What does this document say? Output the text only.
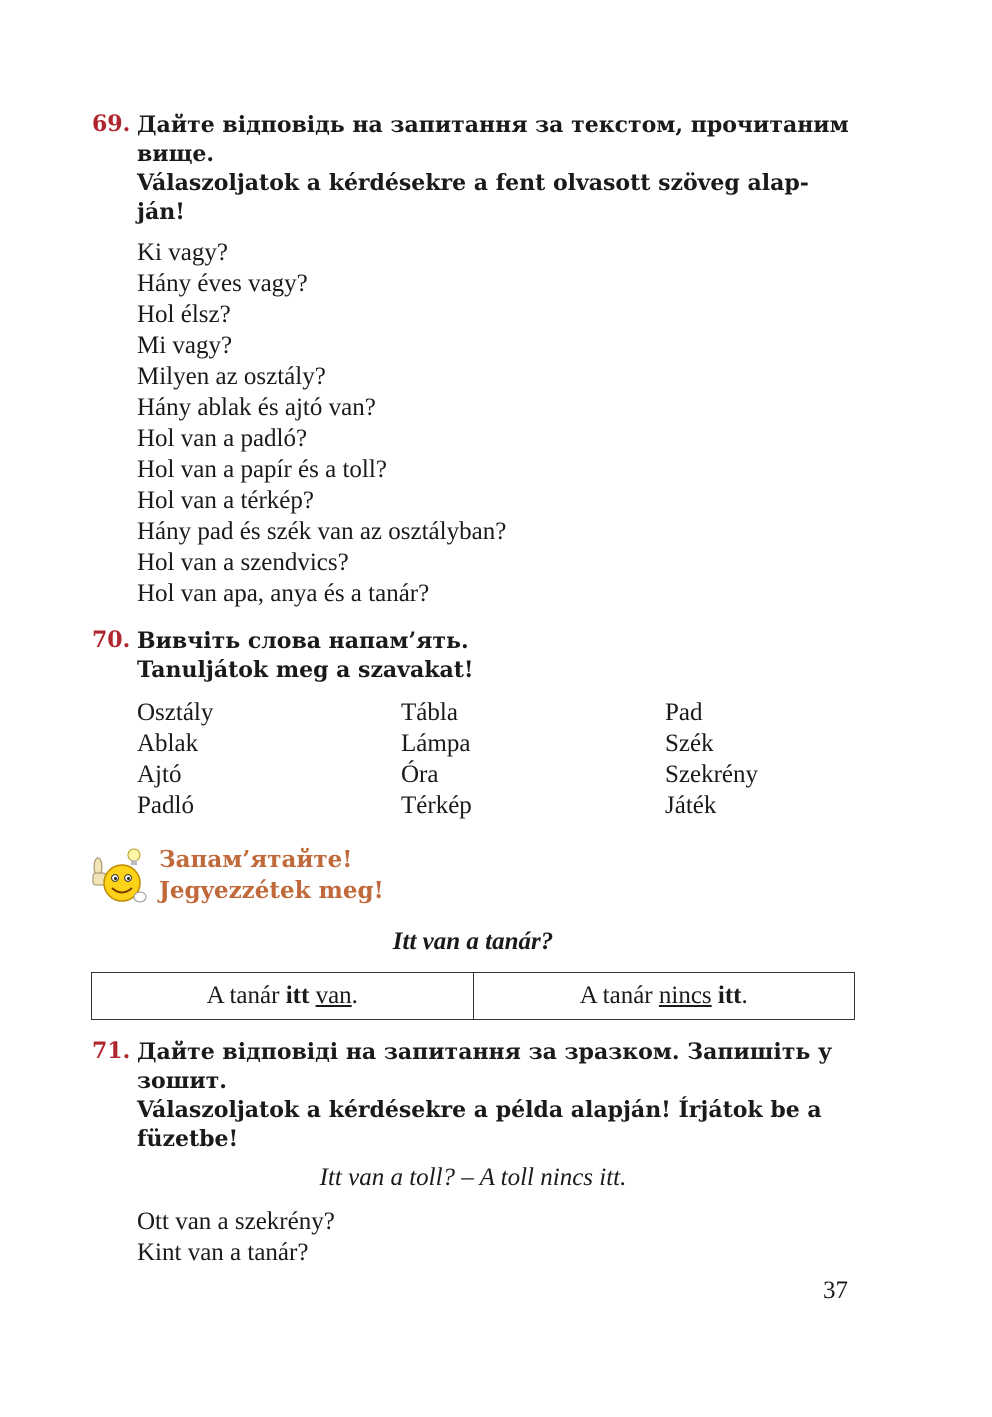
69. Дайте відповідь на запитання за текстом, прочитаним
вище.
Válaszoljatok a kérdésekre a fent olvasott szöveg alap-
ján!
Ki vagy?
Hány éves vagy?
Hol élsz?
Mi vagy?
Milyen az osztály?
Hány ablak és ajtó van?
Hol van a padló?
Hol van a papír és a toll?
Hol van a térkép?
Hány pad és szék van az osztályban?
Hol van a szendvics?
Hol van apa, anya és a tanár?
70. Вивчіть слова напам’ять.
Tanuljátok meg a szavakat!
Osztály
Ablak
Ajtó
Padló
Tábla
Lámpa
Óra
Térkép
Pad
Szék
Szekrény
Játék
Запам’ятайте!
Jegyezzétek meg!
Itt van a tanár?
A tanár itt van.	A tanár nincs itt.
71. Дайте відповіді на запитання за зразком. Запишіть у
зошит.
Válaszoljatok a kérdésekre a példa alapján! Írjátok be a
füzetbe!
Itt van a toll? – A toll nincs itt.
Ott van a szekrény?
Kint van a tanár?
37
